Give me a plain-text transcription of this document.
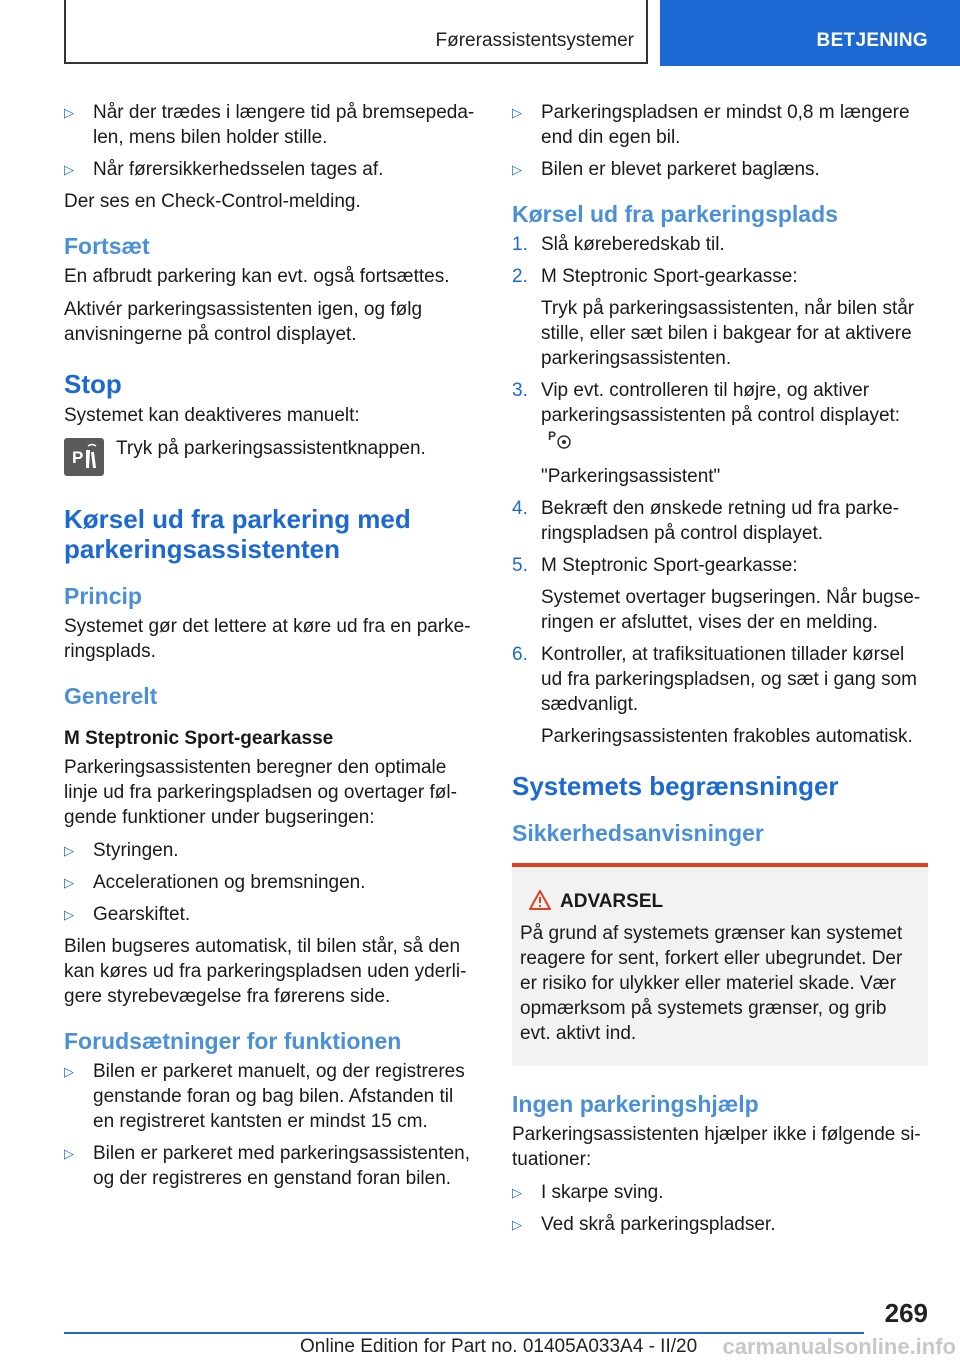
Førerassistentsystemer	BETJENING
▷ Når der trædes i længere tid på bremsepedalen, mens bilen holder stille.
▷ Når førersikkerhedsselen tages af.

Der ses en Check-Control-melding.

Fortsæt

En afbrudt parkering kan evt. også fortsættes.

Aktivér parkeringsassistenten igen, og følg anvisningerne på control displayet.

Stop

Systemet kan deaktiveres manuelt:

P Tryk på parkeringsassistentknappen.
Kørsel ud fra parkering med parkeringsassistenten
Princip

Systemet gør det lettere at køre ud fra en parkeringsplads.

Generelt

M Steptronic Sport-gearkasse

Parkeringsassistenten beregner den optimale linje ud fra parkeringspladsen og overtager følgende funktioner under bugseringen:

▷ Styringen.
▷ Accelerationen og bremsningen.
▷ Gearskiftet.

Bilen bugseres automatisk, til bilen står, så den kan køres ud fra parkeringspladsen uden yderligere styrebevægelse fra førerens side.

Forudsætninger for funktionen
▷ Bilen er parkeret manuelt, og der registreres genstande foran og bag bilen. Afstanden til en registreret kantsten er mindst 15 cm.
▷ Bilen er parkeret med parkeringsassistenten, og der registreres en genstand foran bilen.
▷ Parkeringspladsen er mindst 0,8 m længere end din egen bil.
▷ Bilen er blevet parkeret baglæns.
Kørsel ud fra parkeringsplads
1. Slå køreberedskab til.
2. M Steptronic Sport-gearkasse:
Tryk på parkeringsassistenten, når bilen står stille, eller sæt bilen i bakgear for at aktivere parkeringsassistenten.
3. Vip evt. controlleren til højre, og aktiver parkeringsassistenten på control displayet:
P
"Parkeringsassistent"
4. Bekræft den ønskede retning ud fra parkeringspladsen på control displayet.
5. M Steptronic Sport-gearkasse:
Systemet overtager bugseringen. Når bugseringen er afsluttet, vises der en melding.
6. Kontroller, at trafiksituationen tillader kørsel ud fra parkeringspladsen, og sæt i gang som sædvanligt.
Parkeringsassistenten frakobles automatisk.
Systemets begrænsninger
Sikkerhedsanvisninger
ADVARSEL

På grund af systemets grænser kan systemet reagere for sent, forkert eller ubegrundet. Der er risiko for ulykker eller materiel skade. Vær opmærksom på systemets grænser, og grib evt. aktivt ind.

Ingen parkeringshjælp

Parkeringsassistenten hjælper ikke i følgende situationer:

▷ I skarpe sving.
▷ Ved skrå parkeringspladser.
269
Online Edition for Part no. 01405A033A4 - II/20 carmanualsonline.info
